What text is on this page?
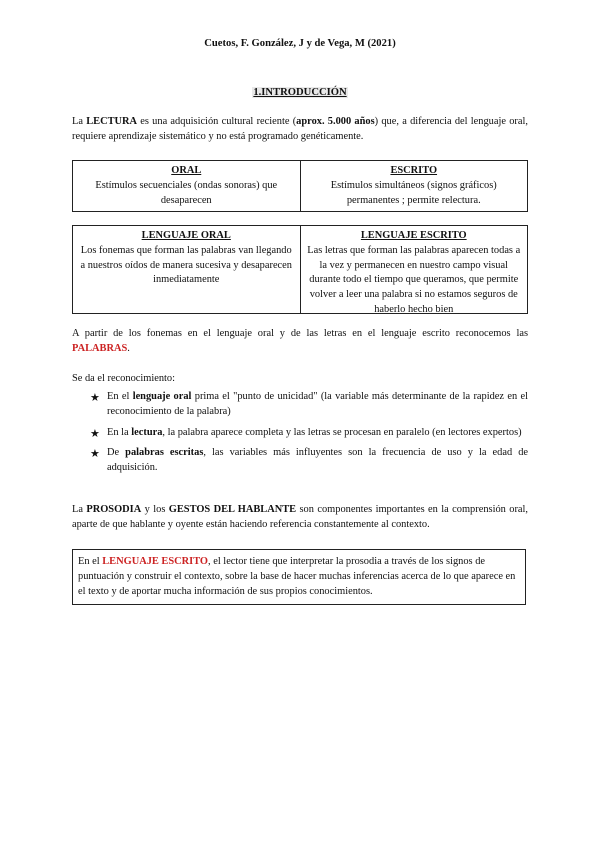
Cuetos, F. González, J y de Vega, M (2021)
1.INTRODUCCIÓN
La LECTURA es una adquisición cultural reciente (aprox. 5.000 años) que, a diferencia del lenguaje oral, requiere aprendizaje sistemático y no está programado genéticamente.
ORAL
Estímulos secuenciales (ondas sonoras) que desaparecen
ESCRITO
Estímulos simultáneos (signos gráficos) permanentes ; permite relectura.
LENGUAJE ORAL
Los fonemas que forman las palabras van llegando a nuestros oídos de manera sucesiva y desaparecen inmediatamente
LENGUAJE ESCRITO
Las letras que forman las palabras aparecen todas a la vez y permanecen en nuestro campo visual durante todo el tiempo que queramos, que permite volver a leer una palabra si no estamos seguros de haberlo hecho bien
A partir de los fonemas en el lenguaje oral y de las letras en el lenguaje escrito reconocemos las PALABRAS.
Se da el reconocimiento:
★ En el lenguaje oral prima el "punto de unicidad" (la variable más determinante de la rapidez en el reconocimiento de la palabra)
★ En la lectura, la palabra aparece completa y las letras se procesan en paralelo (en lectores expertos)
★ De palabras escritas, las variables más influyentes son la frecuencia de uso y la edad de adquisición.
La PROSODIA y los GESTOS DEL HABLANTE son componentes importantes en la comprensión oral, aparte de que hablante y oyente están haciendo referencia constantemente al contexto.
En el LENGUAJE ESCRITO, el lector tiene que interpretar la prosodia a través de los signos de puntuación y construir el contexto, sobre la base de hacer muchas inferencias acerca de lo que aparece en el texto y de aportar mucha información de sus propios conocimientos.
